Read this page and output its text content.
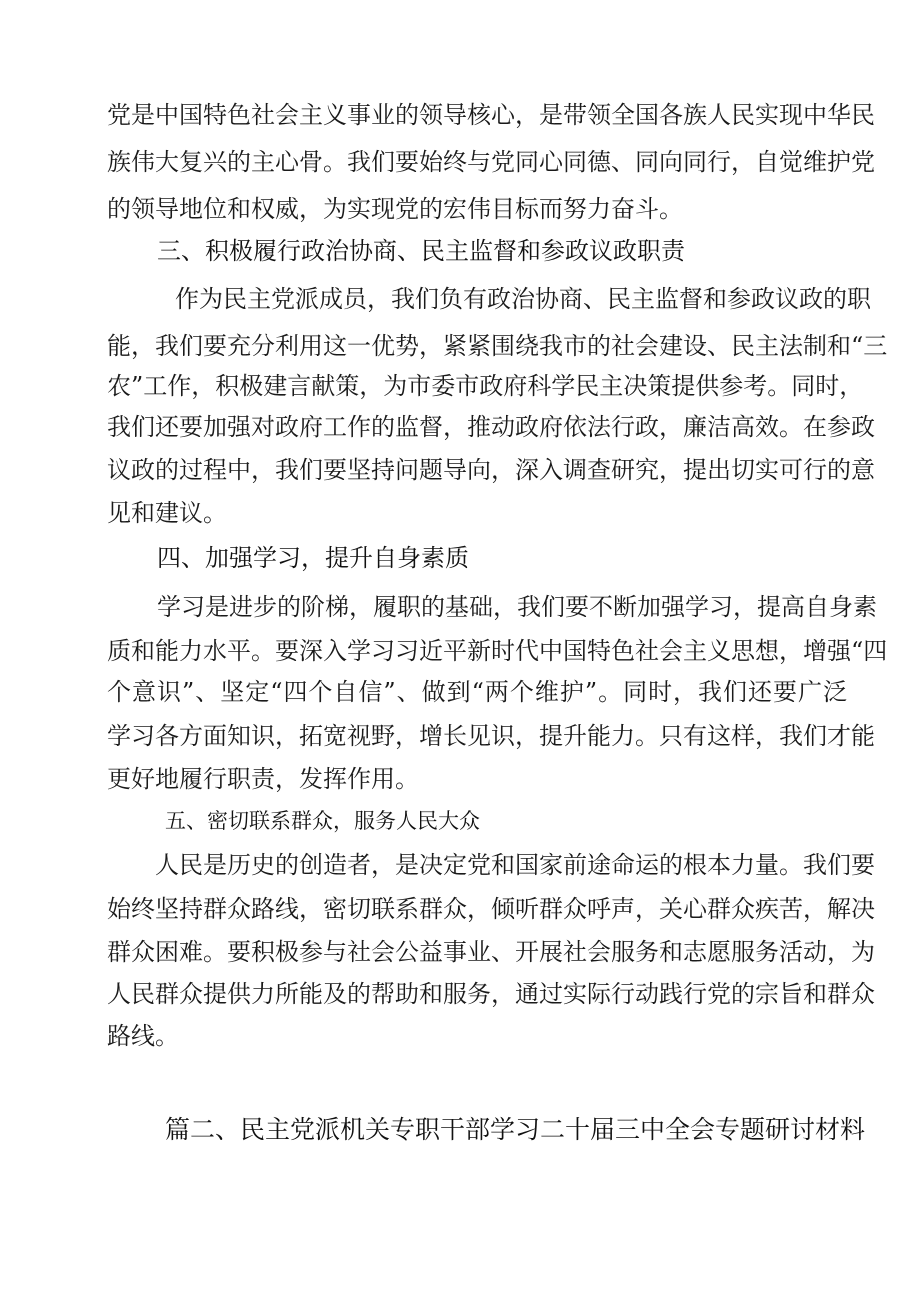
党是中国特色社会主义事业的领导核心，是带领全国各族人民实现中华民
族伟大复兴的主心骨。我们要始终与党同心同德、同向同行，自觉维护党
的领导地位和权威，为实现党的宏伟目标而努力奋斗。
三、积极履行政治协商、民主监督和参政议政职责
作为民主党派成员，我们负有政治协商、民主监督和参政议政的职
能，我们要充分利用这一优势，紧紧围绕我市的社会建设、民主法制和“三
农”工作，积极建言献策，为市委市政府科学民主决策提供参考。同时，
我们还要加强对政府工作的监督，推动政府依法行政，廉洁高效。在参政
议政的过程中，我们要坚持问题导向，深入调查研究，提出切实可行的意
见和建议。
四、加强学习，提升自身素质
学习是进步的阶梯，履职的基础，我们要不断加强学习，提高自身素
质和能力水平。要深入学习习近平新时代中国特色社会主义思想，增强“四
个意识”、坚定“四个自信”、做到“两个维护”。同时，我们还要广泛
学习各方面知识，拓宽视野，增长见识，提升能力。只有这样，我们才能
更好地履行职责，发挥作用。
五、密切联系群众，服务人民大众
人民是历史的创造者，是决定党和国家前途命运的根本力量。我们要
始终坚持群众路线，密切联系群众，倾听群众呼声，关心群众疾苦，解决
群众困难。要积极参与社会公益事业、开展社会服务和志愿服务活动，为
人民群众提供力所能及的帮助和服务，通过实际行动践行党的宗旨和群众
路线。
篇二、民主党派机关专职干部学习二十届三中全会专题研讨材料
